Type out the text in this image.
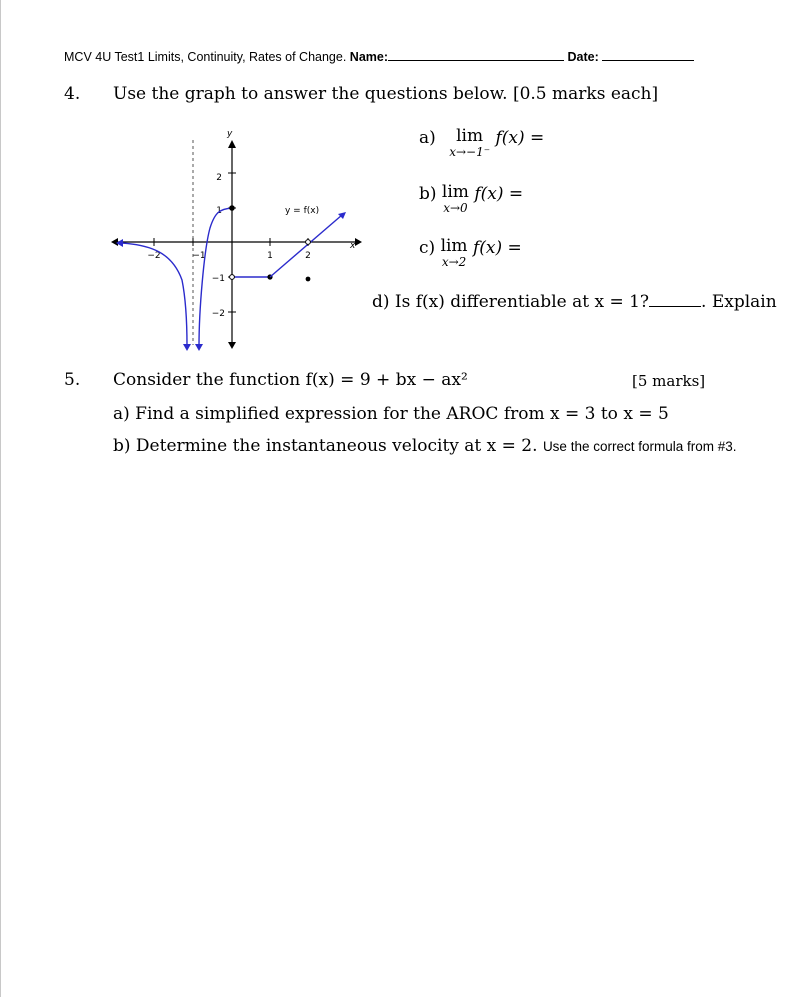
MCV 4U Test1 Limits, Continuity, Rates of Change. Name:	Date:
4. Use the graph to answer the questions below. [0.5 marks each]
−2	−1	1	2
2
1
−1
−2
x
y
y = f(x)
a)	lim
x→−1⁻
f(x) =
b) lim
x→0
f(x) =
c) lim
x→2
f(x) =
d) Is f(x) differentiable at x = 1?	. Explain
5. Consider the function f(x) = 9 + bx − ax²	[5 marks]
a) Find a simplified expression for the AROC from x = 3 to x = 5
b) Determine the instantaneous velocity at x = 2. Use the correct formula from #3.
